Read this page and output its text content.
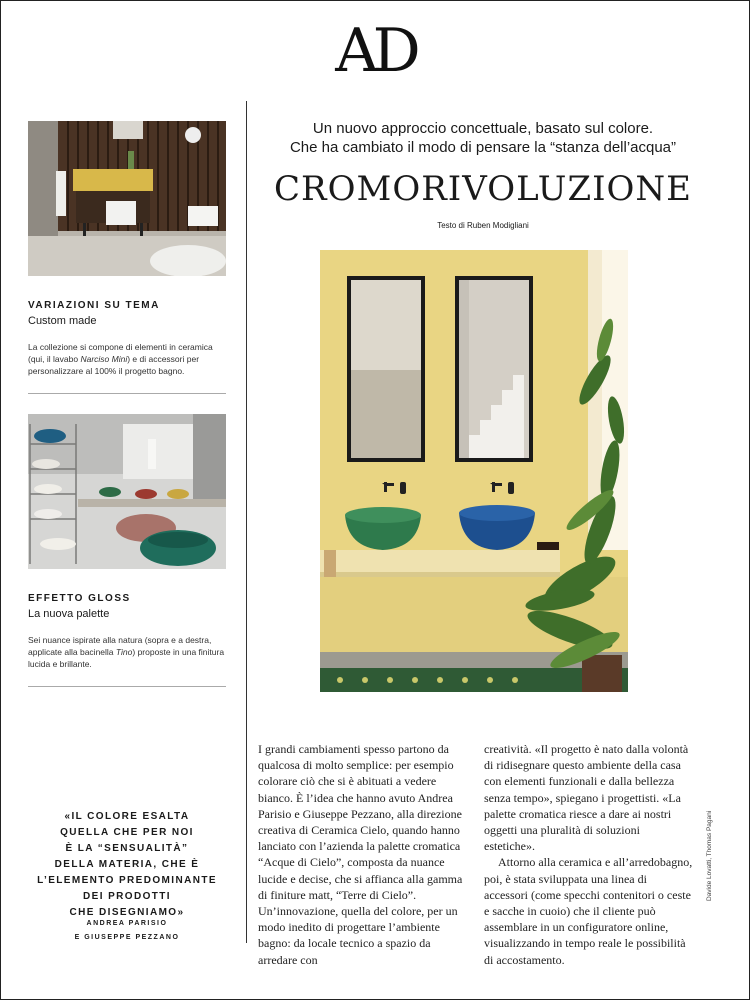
AD
VARIAZIONI SU TEMA
Custom made
La collezione si compone di elementi in ceramica (qui, il lavabo Narciso Mini) e di accessori per personalizzare al 100% il progetto bagno.
EFFETTO GLOSS
La nuova palette
Sei nuance ispirate alla natura (sopra e a destra, applicate alla bacinella Tino) proposte in una finitura lucida e brillante.
«IL COLORE ESALTA
QUELLA CHE PER NOI
È LA “SENSUALITÀ”
DELLA MATERIA, CHE È
L’ELEMENTO PREDOMINANTE
DEI PRODOTTI
CHE DISEGNIAMO»
ANDREA PARISIO
E GIUSEPPE PEZZANO
Un nuovo approccio concettuale, basato sul colore.
Che ha cambiato il modo di pensare la “stanza dell’acqua”
CROMORIVOLUZIONE
Testo di Ruben Modigliani

I grandi cambiamenti spesso partono da qualcosa di molto semplice: per esempio colorare ciò che si è abituati a vedere bianco. È l’idea che hanno avuto Andrea Parisio e Giuseppe Pezzano, alla direzione creativa di Ceramica Cielo, quando hanno lanciato con l’azienda la palette cromatica “Acque di Cielo”, composta da nuance lucide e decise, che si affianca alla gamma di finiture matt, “Terre di Cielo”. Un’innovazione, quella del colore, per un modo inedito di progettare l’ambiente bagno: da locale tecnico a spazio da arredare con

creatività. «Il progetto è nato dalla volontà di ridisegnare questo ambiente della casa con elementi funzionali e dalla bellezza senza tempo», spiegano i progettisti. «La palette cromatica riesce a dare ai nostri oggetti una pluralità di soluzioni estetiche».

Attorno alla ceramica e all’arredobagno, poi, è stata sviluppata una linea di accessori (come specchi contenitori o ceste e sacche in cuoio) che il cliente può assemblare in un configuratore online, visualizzando in tempo reale le possibilità di accostamento.

Davide Lovatti, Thomas Pagani
